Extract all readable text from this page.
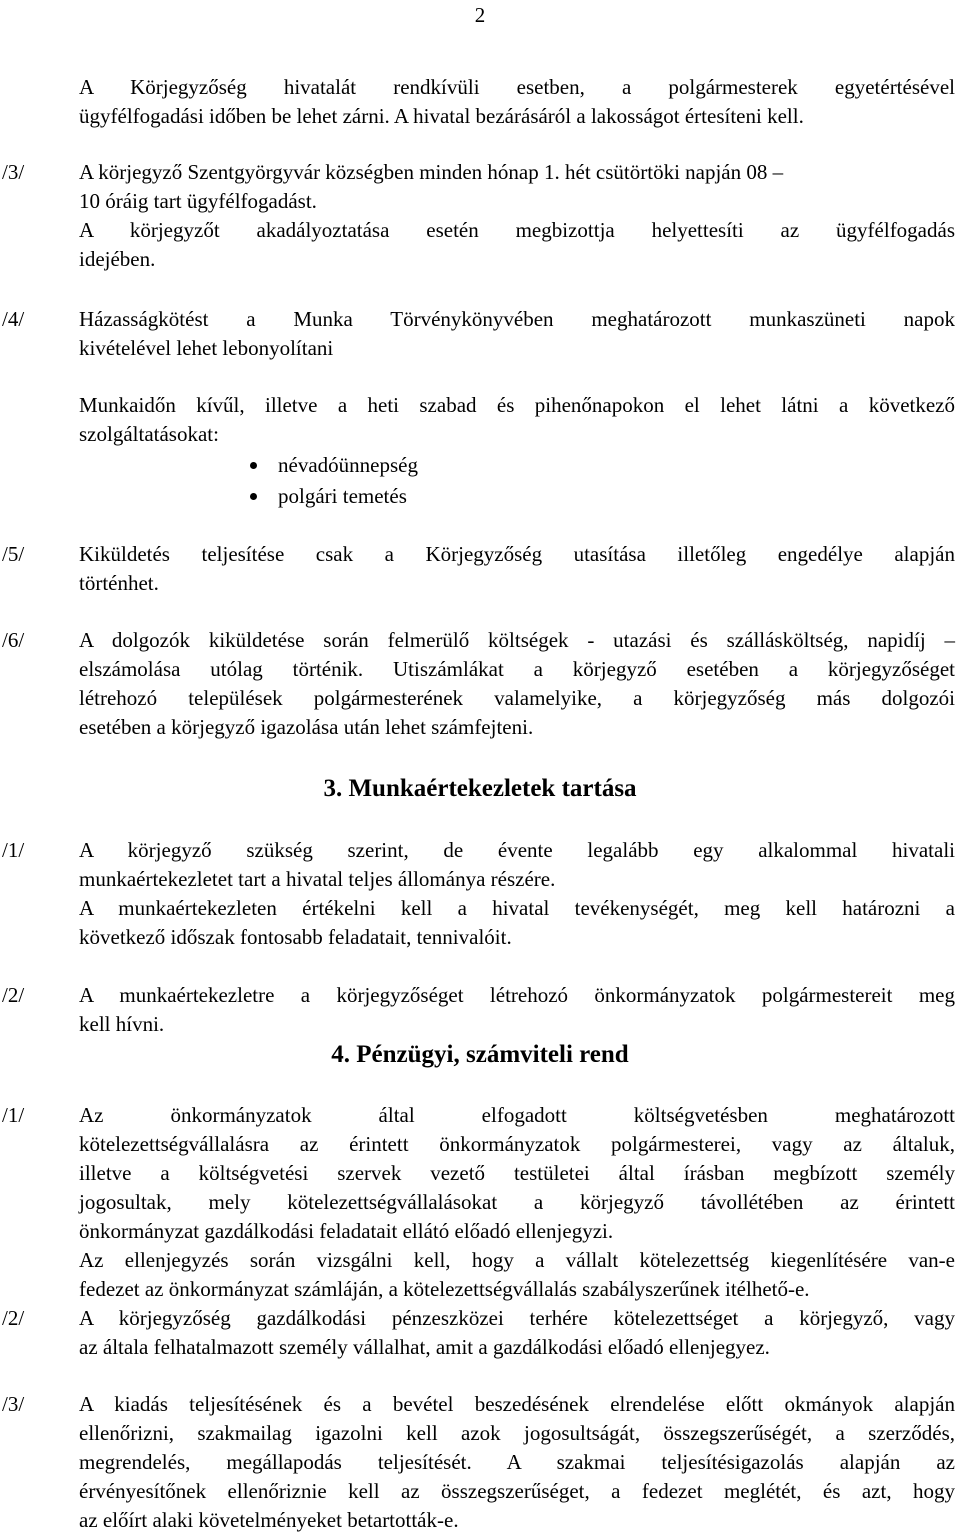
2

A Körjegyzőség hivatalát rendkívüli esetben, a polgármesterek egyetértésével

ügyfélfogadási időben be lehet zárni. A hivatal bezárásáról a lakosságot értesíteni kell.

/3/	A körjegyző Szentgyörgyvár községben minden hónap 1. hét csütörtöki napján 08 –

10 óráig tart ügyfélfogadást.

A körjegyzőt akadályoztatása esetén megbizottja helyettesíti az ügyfélfogadás

idejében.

/4/	Házasságkötést a Munka Törvénykönyvében meghatározott munkaszüneti napok

kivételével lehet lebonyolítani

Munkaidőn kívűl, illetve a heti szabad és pihenőnapokon el lehet látni a következő

szolgáltatásokat:

névadóünnepség
polgári temetés
/5/	Kiküldetés teljesítése csak a Körjegyzőség utasítása illetőleg engedélye alapján

történhet.

/6/	A dolgozók kiküldetése során felmerülő költségek - utazási és szállásköltség, napidíj –

elszámolása utólag történik. Utiszámlákat a körjegyző esetében a körjegyzőséget

létrehozó települések polgármesterének valamelyike, a körjegyzőség más dolgozói

esetében a körjegyző igazolása után lehet számfejteni.

3. Munkaértekezletek tartása
/1/	A körjegyző szükség szerint, de évente legalább egy alkalommal hivatali

munkaértekezletet tart a hivatal teljes állománya részére.

A munkaértekezleten értékelni kell a hivatal tevékenységét, meg kell határozni a

következő időszak fontosabb feladatait, tennivalóit.

/2/	A munkaértekezletre a körjegyzőséget létrehozó önkormányzatok polgármestereit meg

kell hívni.

4. Pénzügyi, számviteli rend
/1/	Az önkormányzatok által elfogadott költségvetésben meghatározott

kötelezettségvállalásra az érintett önkormányzatok polgármesterei, vagy az általuk,

illetve a költségvetési szervek vezető testületei által írásban megbízott személy

jogosultak, mely kötelezettségvállalásokat a körjegyző távollétében az érintett

önkormányzat gazdálkodási feladatait ellátó előadó ellenjegyzi.

Az ellenjegyzés során vizsgálni kell, hogy a vállalt kötelezettség kiegenlítésére van-e

fedezet az önkormányzat számláján, a kötelezettségvállalás szabályszerűnek itélhető-e.

/2/	A körjegyzőség gazdálkodási pénzeszközei terhére kötelezettséget a körjegyző, vagy

az általa felhatalmazott személy vállalhat, amit a gazdálkodási előadó ellenjegyez.

/3/	A kiadás teljesítésének és a bevétel beszedésének elrendelése előtt okmányok alapján

ellenőrizni, szakmailag igazolni kell azok jogosultságát, összegszerűségét, a szerződés,

megrendelés, megállapodás teljesítését. A szakmai teljesítésigazolás alapján az

érvényesítőnek ellenőriznie kell az összegszerűséget, a fedezet meglétét, és azt, hogy

az előírt alaki követelményeket betartották-e.
